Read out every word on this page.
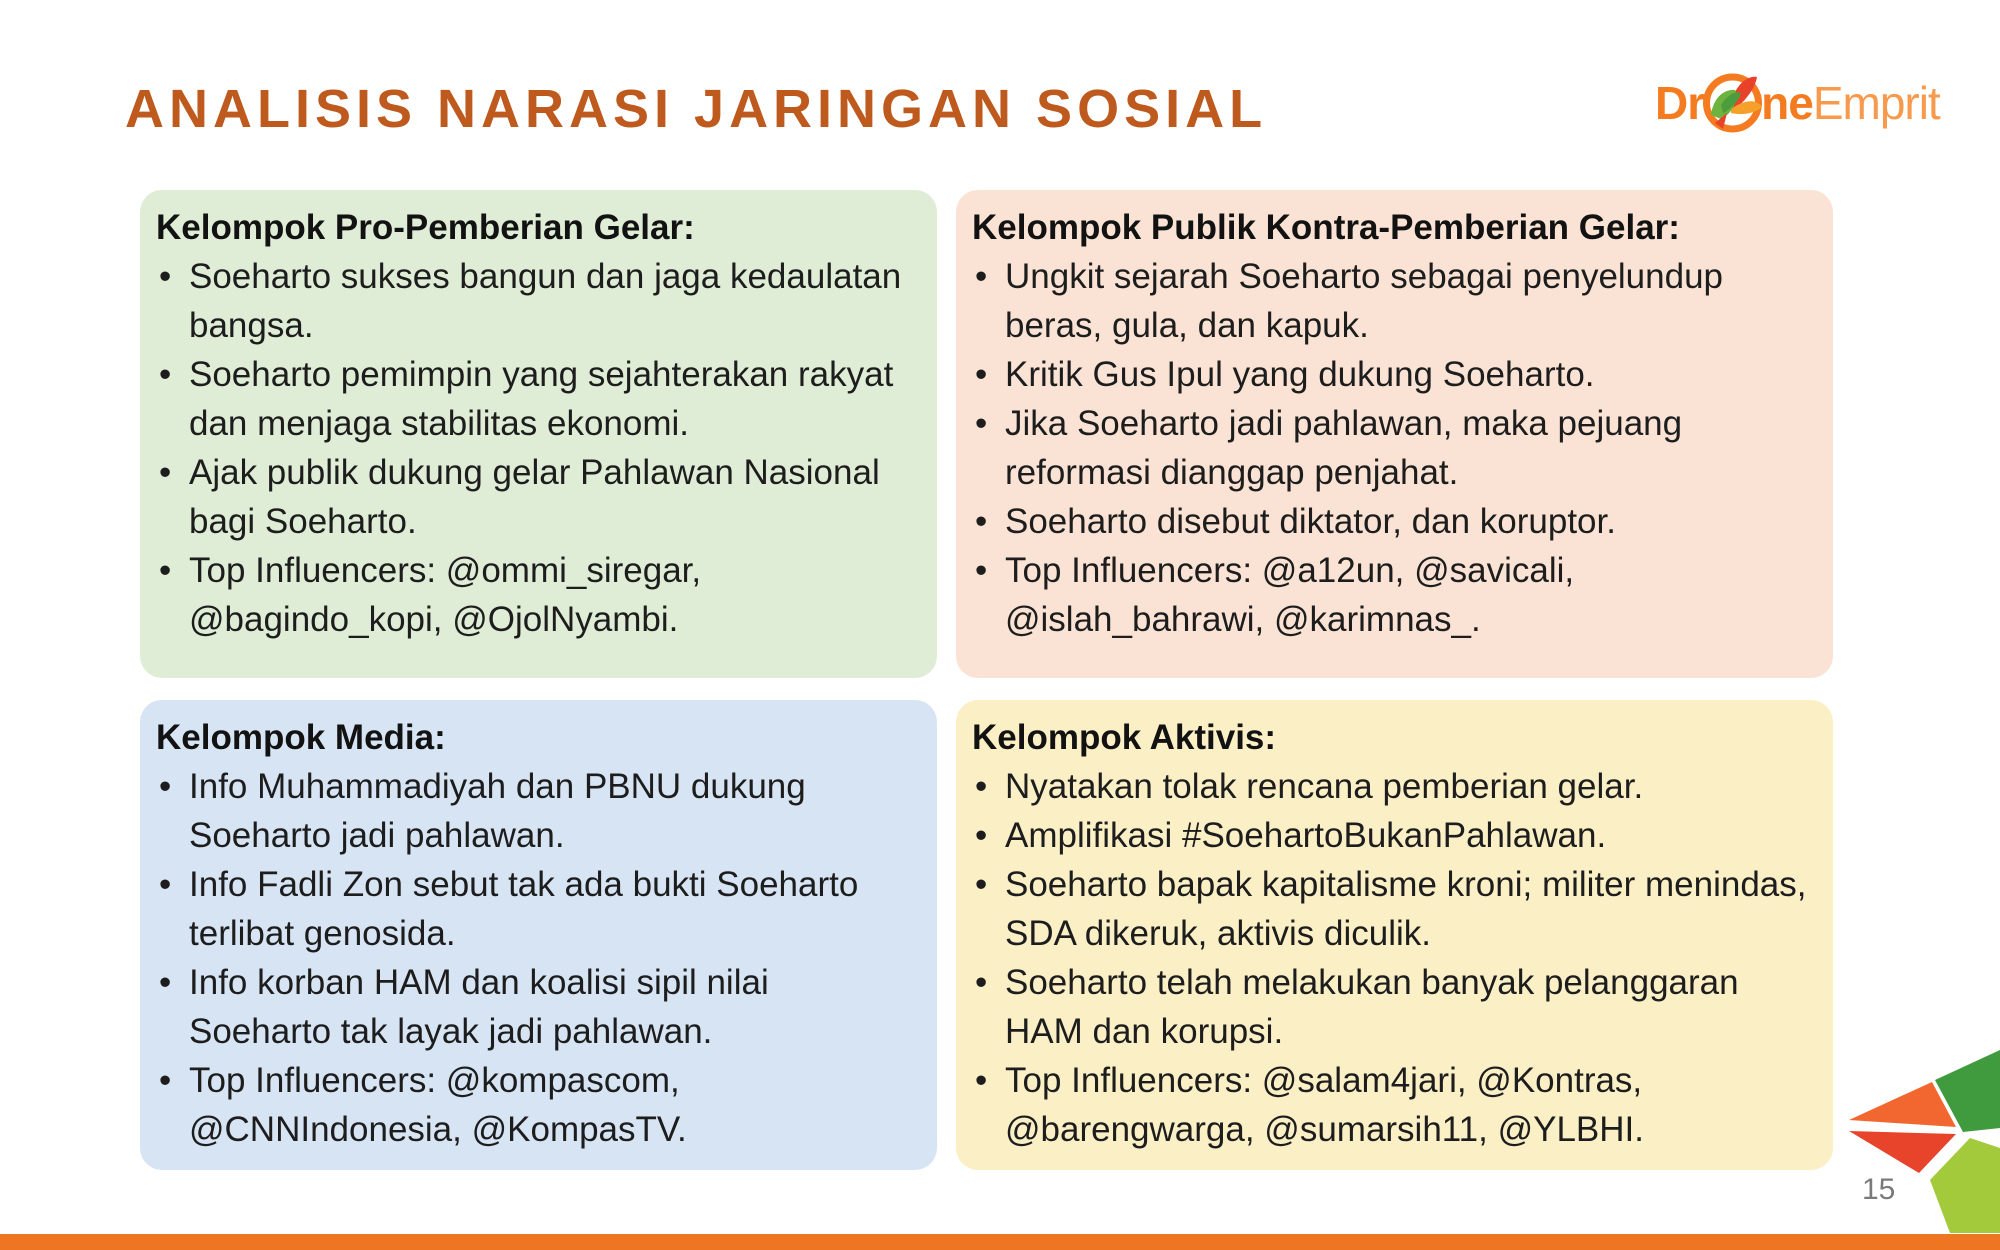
ANALISIS NARASI JARINGAN SOSIAL	Dr ne Emprit
Kelompok Pro-Pemberian Gelar:
• Soeharto sukses bangun dan jaga kedaulatan bangsa.
• Soeharto pemimpin yang sejahterakan rakyat dan menjaga stabilitas ekonomi.
• Ajak publik dukung gelar Pahlawan Nasional bagi Soeharto.
• Top Influencers: @ommi_siregar, @bagindo_kopi, @OjolNyambi.
Kelompok Publik Kontra-Pemberian Gelar:
• Ungkit sejarah Soeharto sebagai penyelundup beras, gula, dan kapuk.
• Kritik Gus Ipul yang dukung Soeharto.
• Jika Soeharto jadi pahlawan, maka pejuang reformasi dianggap penjahat.
• Soeharto disebut diktator, dan koruptor.
• Top Influencers: @a12un, @savicali, @islah_bahrawi, @karimnas_.
Kelompok Media:
• Info Muhammadiyah dan PBNU dukung Soeharto jadi pahlawan.
• Info Fadli Zon sebut tak ada bukti Soeharto terlibat genosida.
• Info korban HAM dan koalisi sipil nilai Soeharto tak layak jadi pahlawan.
• Top Influencers: @kompascom, @CNNIndonesia, @KompasTV.
Kelompok Aktivis:
• Nyatakan tolak rencana pemberian gelar.
• Amplifikasi #SoehartoBukanPahlawan.
• Soeharto bapak kapitalisme kroni; militer menindas, SDA dikeruk, aktivis diculik.
• Soeharto telah melakukan banyak pelanggaran HAM dan korupsi.
• Top Influencers: @salam4jari, @Kontras, @barengwarga, @sumarsih11, @YLBHI.
15
